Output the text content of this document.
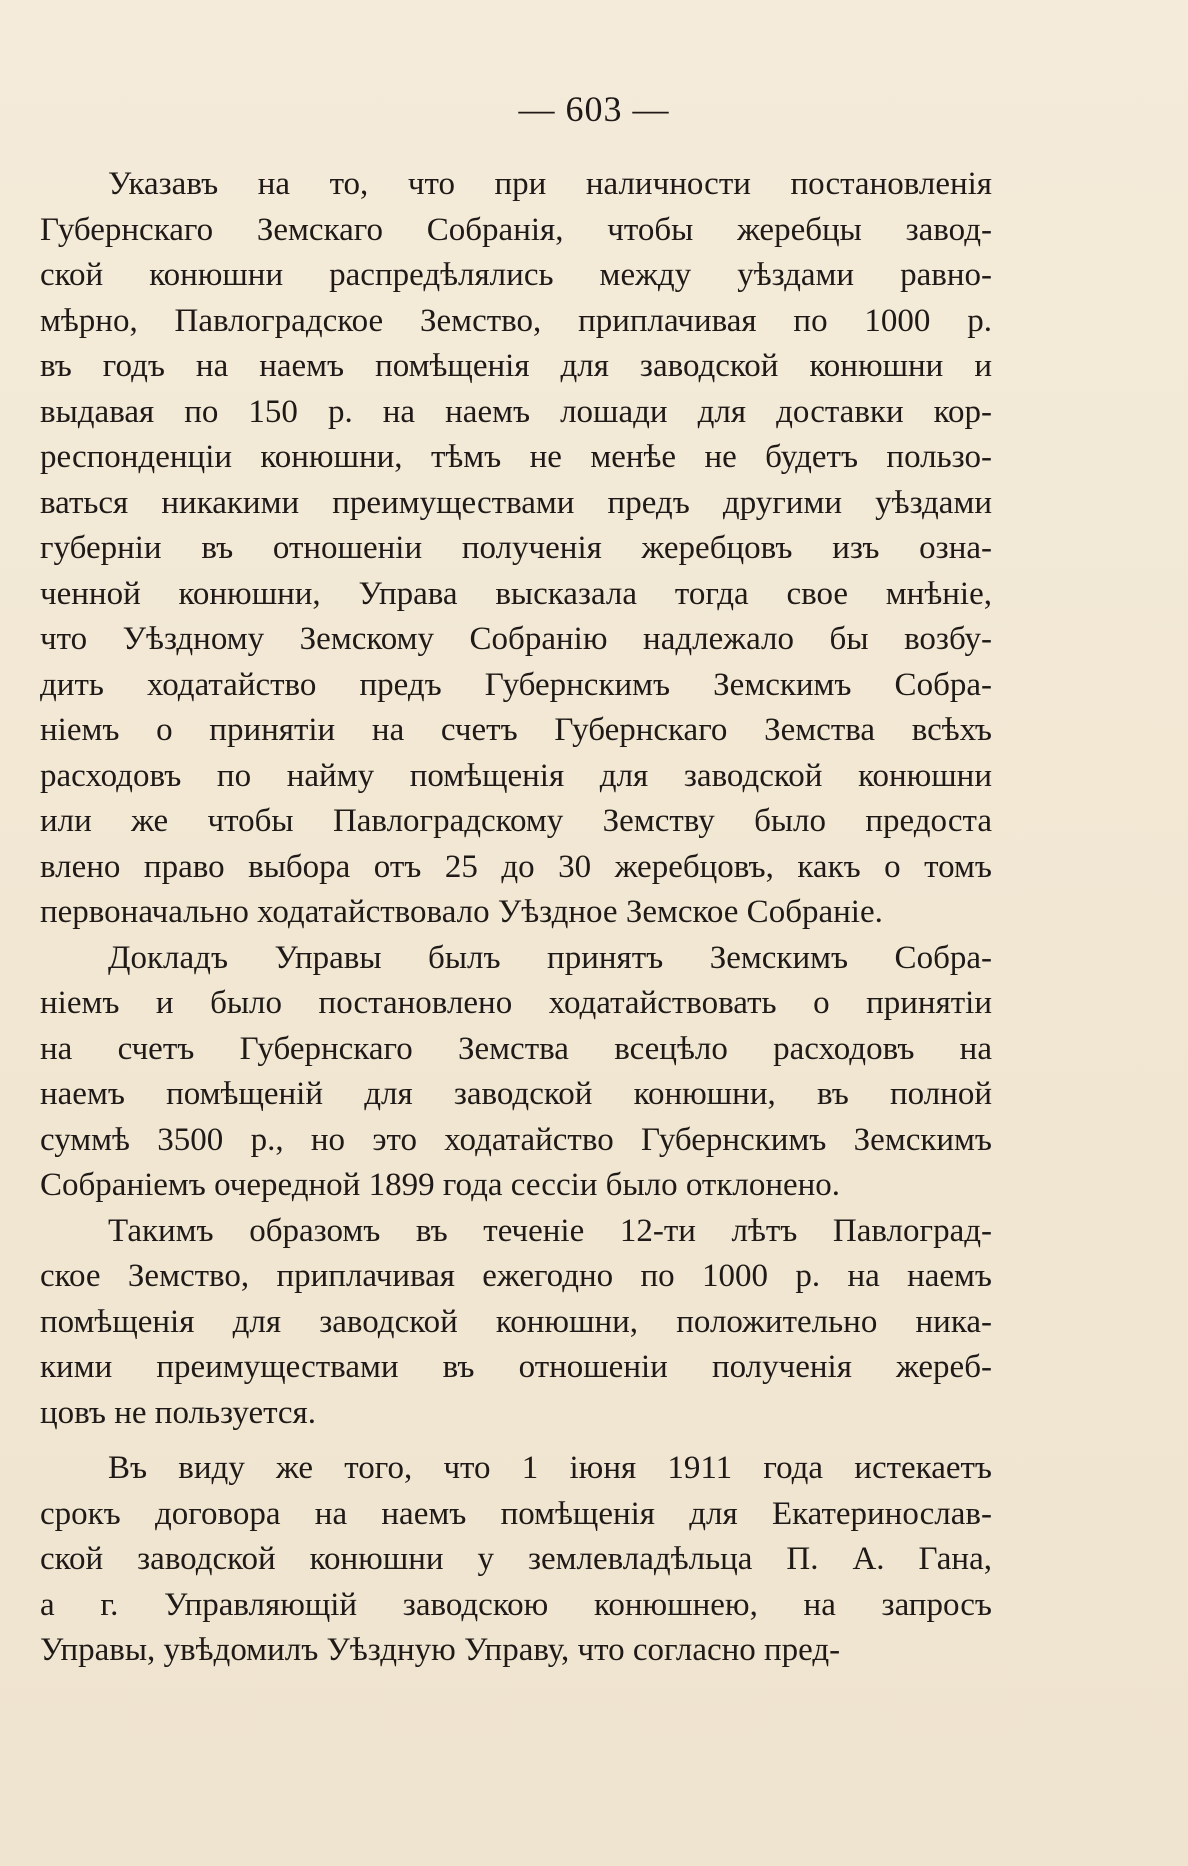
— 603 —
Указавъ на то, что при наличности постановленія
Губернскаго Земскаго Собранія, чтобы жеребцы завод-
ской конюшни распредѣлялись между уѣздами равно-
мѣрно, Павлоградское Земство, приплачивая по 1000 р.
въ годъ на наемъ помѣщенія для заводской конюшни и
выдавая по 150 р. на наемъ лошади для доставки кор-
респонденціи конюшни, тѣмъ не менѣе не будетъ пользо-
ваться никакими преимуществами предъ другими уѣздами
губерніи въ отношеніи полученія жеребцовъ изъ озна-
ченной конюшни, Управа высказала тогда свое мнѣніе,
что Уѣздному Земскому Собранію надлежало бы возбу-
дить ходатайство предъ Губернскимъ Земскимъ Собра-
ніемъ о принятіи на счетъ Губернскаго Земства всѣхъ
расходовъ по найму помѣщенія для заводской конюшни
или же чтобы Павлоградскому Земству было предоста
влено право выбора отъ 25 до 30 жеребцовъ, какъ о томъ
первоначально ходатайствовало Уѣздное Земское Собраніе.
Докладъ Управы былъ принятъ Земскимъ Собра-
ніемъ и было постановлено ходатайствовать о принятіи
на счетъ Губернскаго Земства всецѣло расходовъ на
наемъ помѣщеній для заводской конюшни, въ полной
суммѣ 3500 р., но это ходатайство Губернскимъ Земскимъ
Собраніемъ очередной 1899 года сессіи было отклонено.
Такимъ образомъ въ теченіе 12-ти лѣтъ Павлоград-
ское Земство, приплачивая ежегодно по 1000 р. на наемъ
помѣщенія для заводской конюшни, положительно ника-
кими преимуществами въ отношеніи полученія жереб-
цовъ не пользуется.
Въ виду же того, что 1 іюня 1911 года истекаетъ
срокъ договора на наемъ помѣщенія для Екатеринослав-
ской заводской конюшни у землевладѣльца П. А. Гана,
а г. Управляющій заводскою конюшнею, на запросъ
Управы, увѣдомилъ Уѣздную Управу, что согласно пред-
